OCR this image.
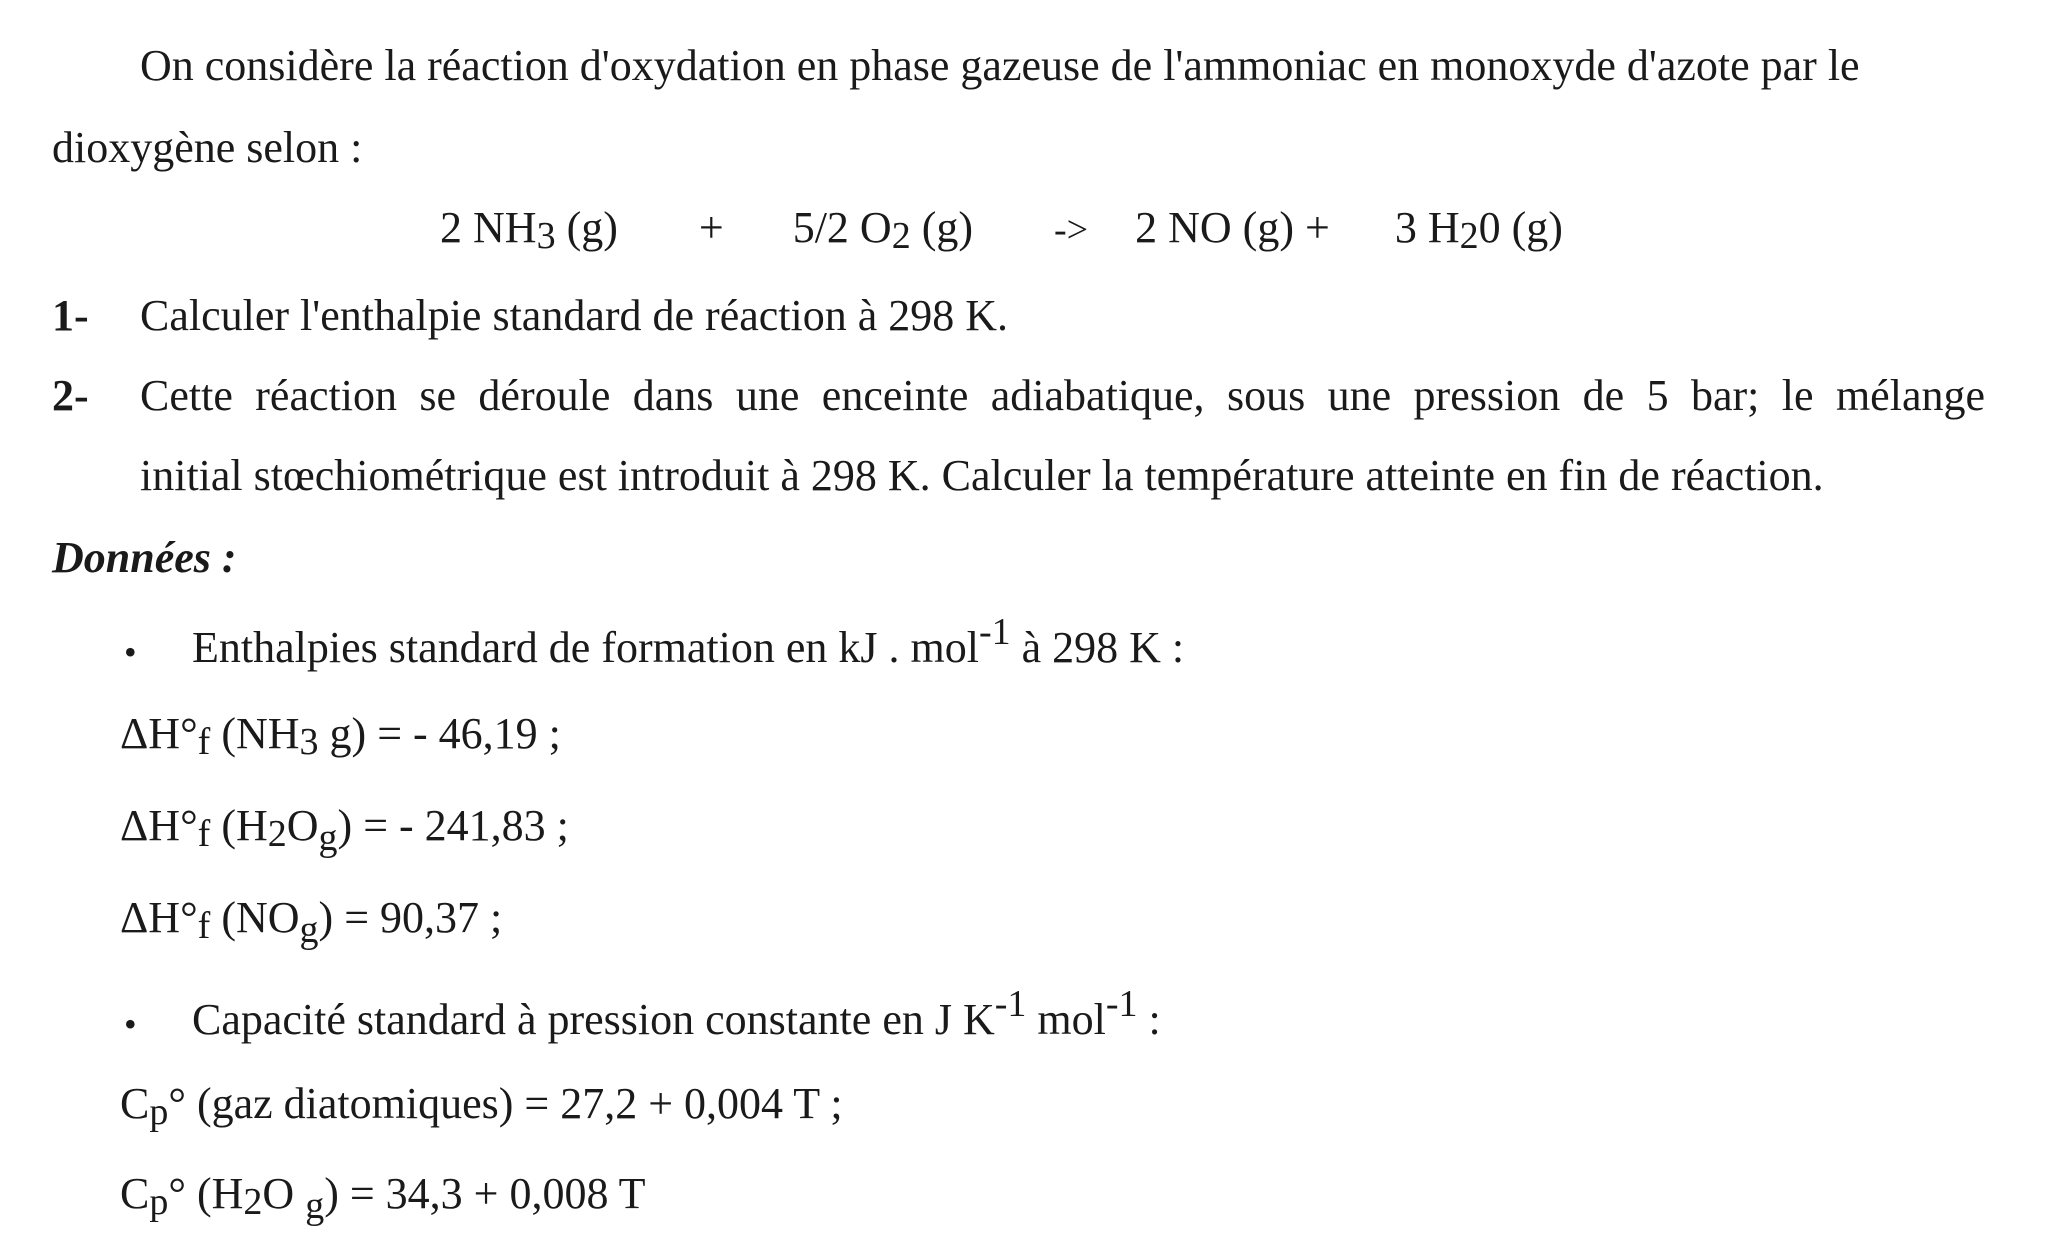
On considère la réaction d'oxydation en phase gazeuse de l'ammoniac en monoxyde d'azote par le
dioxygène selon :
2 NH3 (g) + 5/2 O2 (g) -> 2 NO (g) + 3 H20 (g)
1- Calculer l'enthalpie standard de réaction à 298 K.
2- Cette réaction se déroule dans une enceinte adiabatique, sous une pression de 5 bar; le mélange
initial stœchiométrique est introduit à 298 K. Calculer la température atteinte en fin de réaction.
Données :
• Enthalpies standard de formation en kJ . mol-1 à 298 K :
ΔH°f (NH3 g) = - 46,19 ;
ΔH°f (H2Og) = - 241,83 ;
ΔH°f (NOg) = 90,37 ;
• Capacité standard à pression constante en J K-1 mol-1 :
Cp° (gaz diatomiques) = 27,2 + 0,004 T ;
Cp° (H2O g) = 34,3 + 0,008 T
